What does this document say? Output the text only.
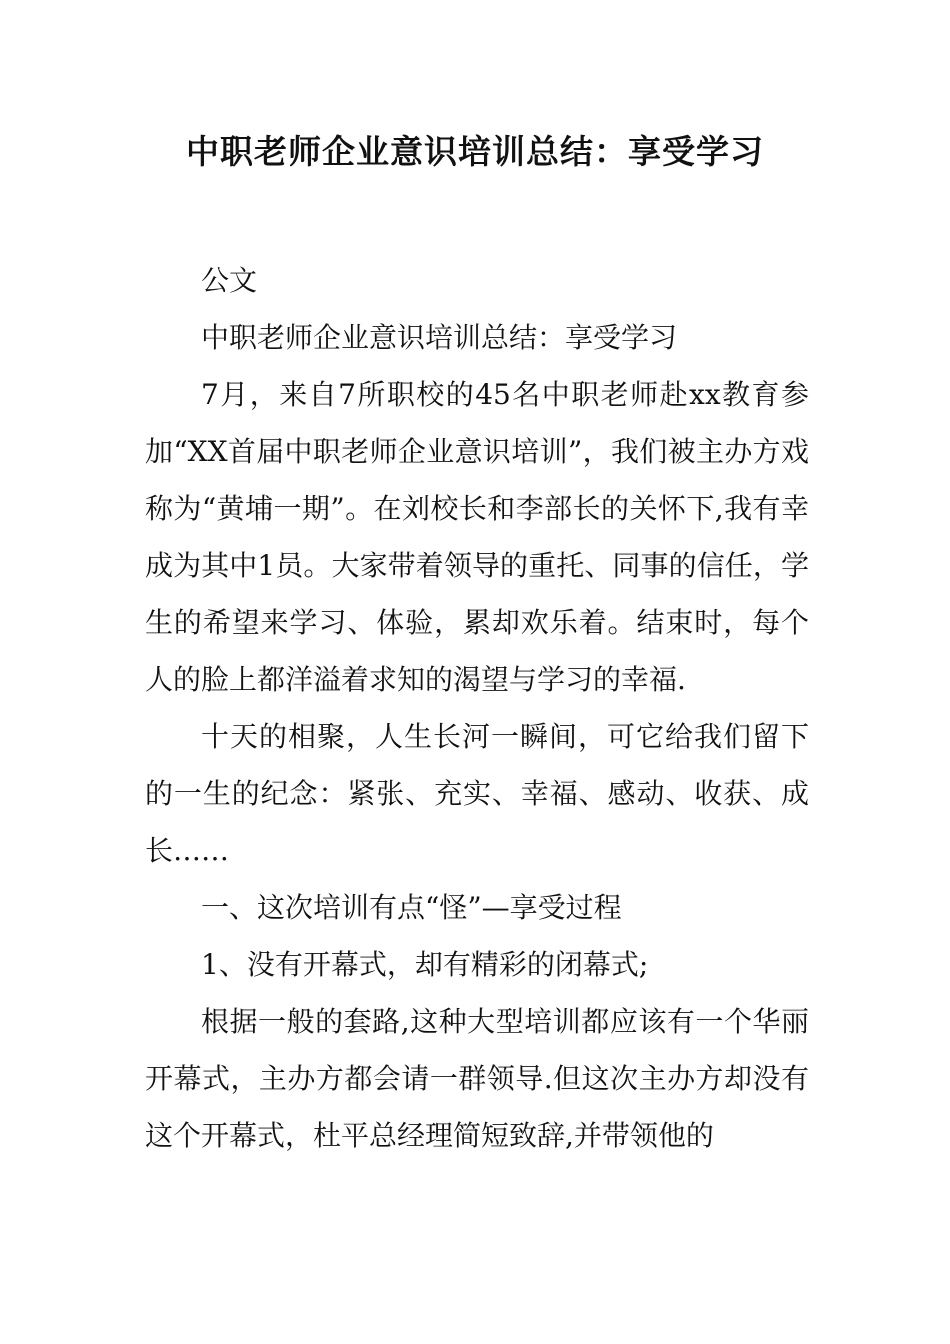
中职老师企业意识培训总结：享受学习

公文

中职老师企业意识培训总结：享受学习

7月，来自7所职校的45名中职老师赴xx教育参加“XX首届中职老师企业意识培训”，我们被主办方戏称为“黄埔一期”。在刘校长和李部长的关怀下,我有幸成为其中1员。大家带着领导的重托、同事的信任，学生的希望来学习、体验，累却欢乐着。结束时，每个人的脸上都洋溢着求知的渴望与学习的幸福.

十天的相聚，人生长河一瞬间，可它给我们留下的一生的纪念：紧张、充实、幸福、感动、收获、成长……

一、这次培训有点“怪”—享受过程

1、没有开幕式，却有精彩的闭幕式;

根据一般的套路,这种大型培训都应该有一个华丽开幕式，主办方都会请一群领导.但这次主办方却没有这个开幕式，杜平总经理简短致辞,并带领他的
